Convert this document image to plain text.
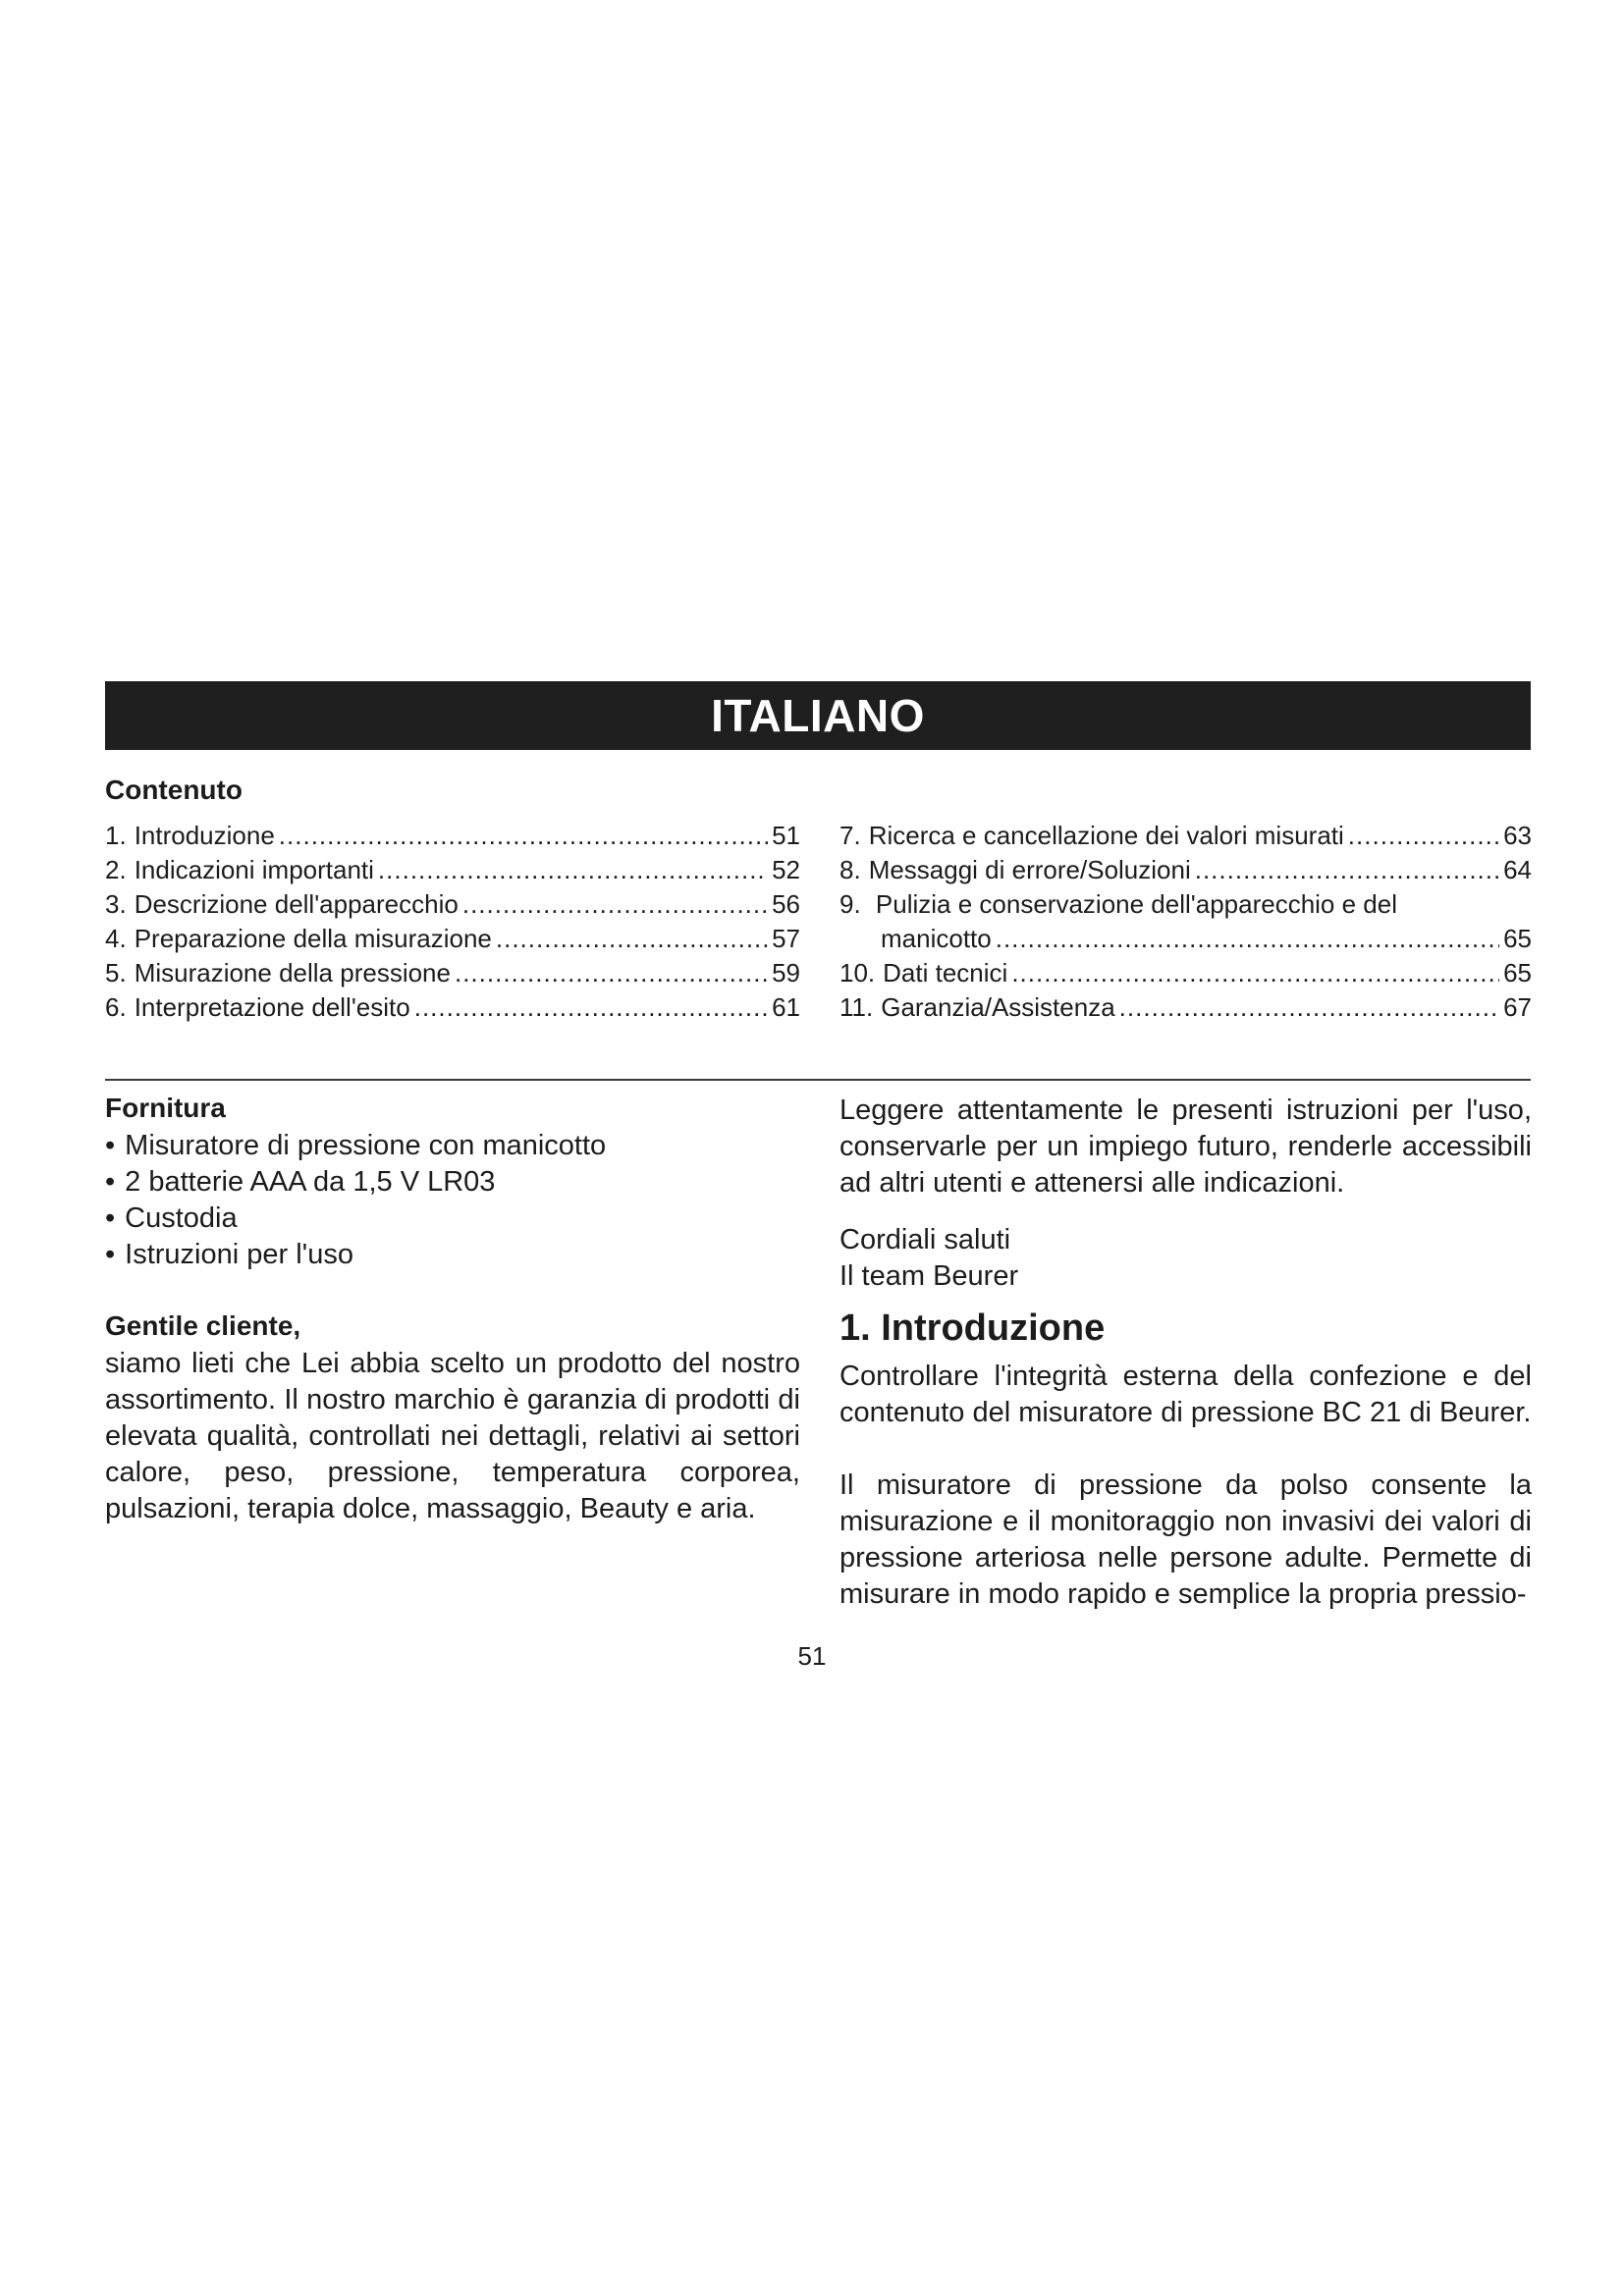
ITALIANO
Contenuto
1. Introduzione .....	51
2. Indicazioni importanti .....	52
3. Descrizione dell'apparecchio .....	56
4. Preparazione della misurazione .....	57
5. Misurazione della pressione .....	59
6. Interpretazione dell'esito .....	61
7. Ricerca e cancellazione dei valori misurati .....	63
8. Messaggi di errore/Soluzioni .....	64
9. Pulizia e conservazione dell'apparecchio e del
manicotto .....	65
10. Dati tecnici .....	65
11. Garanzia/Assistenza .....	67
Fornitura
• Misuratore di pressione con manicotto
• 2 batterie AAA da 1,5 V LR03
• Custodia
• Istruzioni per l'uso
Gentile cliente,

siamo lieti che Lei abbia scelto un prodotto del nostro assortimento. Il nostro marchio è garanzia di prodotti di elevata qualità, controllati nei dettagli, relativi ai settori calore, peso, pressione, temperatura corporea, pulsazioni, terapia dolce, massaggio, Beauty e aria.

Leggere attentamente le presenti istruzioni per l'uso, conservarle per un impiego futuro, renderle accessibili ad altri utenti e attenersi alle indicazioni.

Cordiali saluti

Il team Beurer

1. Introduzione

Controllare l'integrità esterna della confezione e del contenuto del misuratore di pressione BC 21 di Beurer.

Il misuratore di pressione da polso consente la misurazione e il monitoraggio non invasivi dei valori di pressione arteriosa nelle persone adulte. Permette di misurare in modo rapido e semplice la propria pressio-

51
